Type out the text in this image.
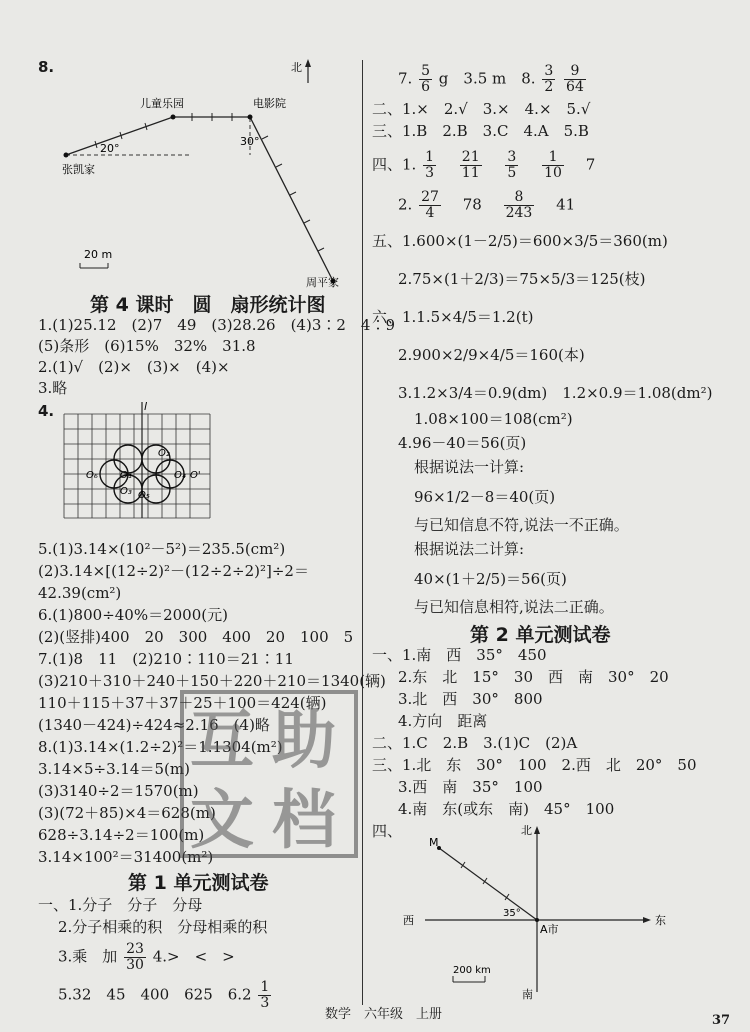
8.	北
儿童乐园	电影院
张凯家
周平家
20°
30°
20 m
第 4 课时　圆　扇形统计图
1.(1)25.12　(2)7　49　(3)28.26　(4)3∶2　4∶9
(5)条形　(6)15%　32%　31.8
2.(1)√　(2)×　(3)×　(4)×
3.略
4.	l
O₁
O₂
O₃
O₄
O₅
O₆	O'
5.(1)3.14×(10²－5²)＝235.5(cm²)
(2)3.14×[(12÷2)²－(12÷2÷2)²]÷2＝
42.39(cm²)
6.(1)800÷40%＝2000(元)
(2)(竖排)400　20　300　400　20　100　5
7.(1)8　11　(2)210∶110＝21∶11
(3)210＋310＋240＋150＋220＋210＝1340(辆)
110＋115＋37＋37＋25＋100＝424(辆)
(1340－424)÷424≈2.16　(4)略
8.(1)3.14×(1.2÷2)²＝1.1304(m²)
3.14×5÷3.14＝5(m)
(3)3140÷2＝1570(m)
(3)(72＋85)×4＝628(m)
628÷3.14÷2＝100(m)
3.14×100²＝31400(m²)
第 1 单元测试卷
一、1.分子　分子　分母
2.分子相乘的积　分母相乘的积
3.乘　加 $\frac{23}{30} 4.>$　<　>
5.32　45　400　625　$6.2 \frac{1}{3}$
互 助
文 档
7. $\frac{5}{6}$ g　3.5 m　8. $\frac{3}{2}$
$\frac{9}{64}$
二、1.×　2.√　3.×　4.×　5.√
三、1.B　2.B　3.C　4.A　5.B
四、1. $\frac{1}{3}$
　 $\frac{21}{11}$
　 $\frac{3}{5}$
　 $\frac{1}{10}$
　 7
2. $\frac{27}{4}$
　 78　 $\frac{8}{243}$
　 41
五、1.600×(1－2/5)＝600×3/5＝360(m)
2.75×(1＋2/3)＝75×5/3＝125(枝)
六、1.1.5×4/5＝1.2(t)
2.900×2/9×4/5＝160(本)
3.1.2×3/4＝0.9(dm)　1.2×0.9＝1.08(dm²)
1.08×100＝108(cm²)
4.96－40＝56(页)
根据说法一计算:
96×1/2－8＝40(页)
与已知信息不符,说法一不正确。
根据说法二计算:
40×(1＋2/5)＝56(页)
与已知信息相符,说法二正确。
第 2 单元测试卷
一、1.南　西　35°　450
2.东　北　15°　30　西　南　30°　20
3.北　西　30°　800
4.方向　距离
二、1.C　2.B　3.(1)C　(2)A
三、1.北　东　30°　100　2.西　北　20°　50
3.西　南　35°　100
4.南　东(或东　南)　45°　100
四、	北
南
东
西
M
A市
35°
200 km
数学　六年级　上册	37
